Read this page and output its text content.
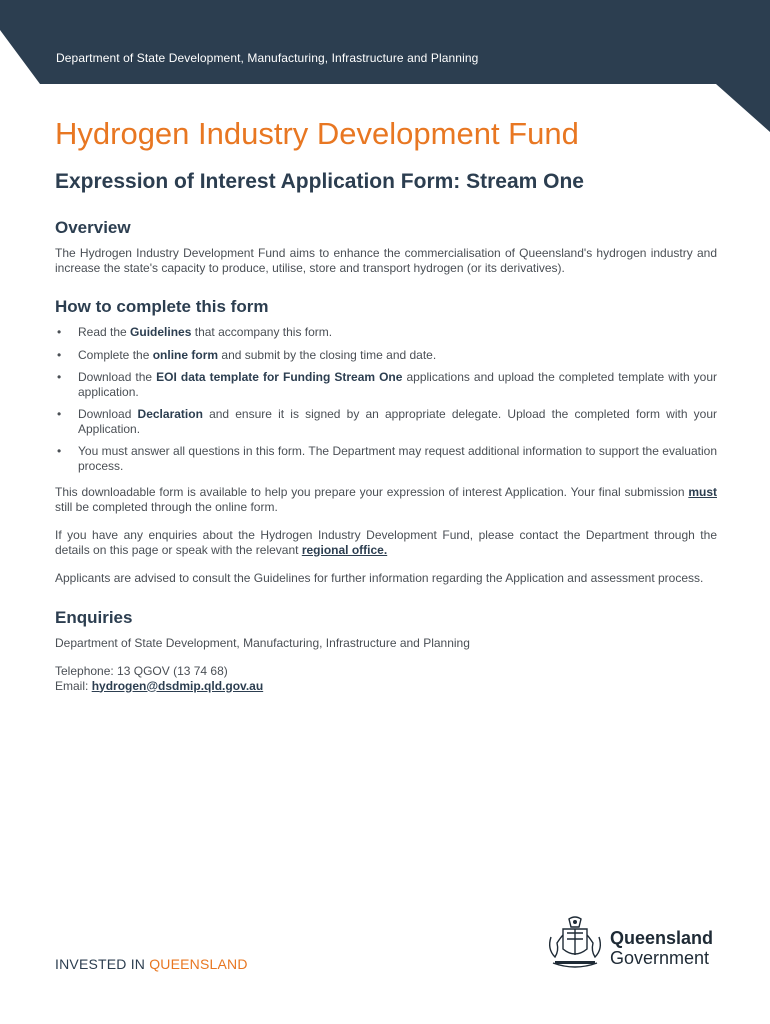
Department of State Development, Manufacturing, Infrastructure and Planning
Hydrogen Industry Development Fund
Expression of Interest Application Form: Stream One
Overview

The Hydrogen Industry Development Fund aims to enhance the commercialisation of Queensland's hydrogen industry and increase the state's capacity to produce, utilise, store and transport hydrogen (or its derivatives).

How to complete this form
• Read the Guidelines that accompany this form.
• Complete the online form and submit by the closing time and date.
• Download the EOI data template for Funding Stream One applications and upload the completed template with your application.
• Download Declaration and ensure it is signed by an appropriate delegate. Upload the completed form with your Application.
• You must answer all questions in this form. The Department may request additional information to support the evaluation process.

This downloadable form is available to help you prepare your expression of interest Application. Your final submission must still be completed through the online form.

If you have any enquiries about the Hydrogen Industry Development Fund, please contact the Department through the details on this page or speak with the relevant regional office.

Applicants are advised to consult the Guidelines for further information regarding the Application and assessment process.

Enquiries

Department of State Development, Manufacturing, Infrastructure and Planning

Telephone: 13 QGOV (13 74 68)

Email: hydrogen@dsdmip.qld.gov.au

INVESTED IN QUEENSLAND
Queensland
Government
